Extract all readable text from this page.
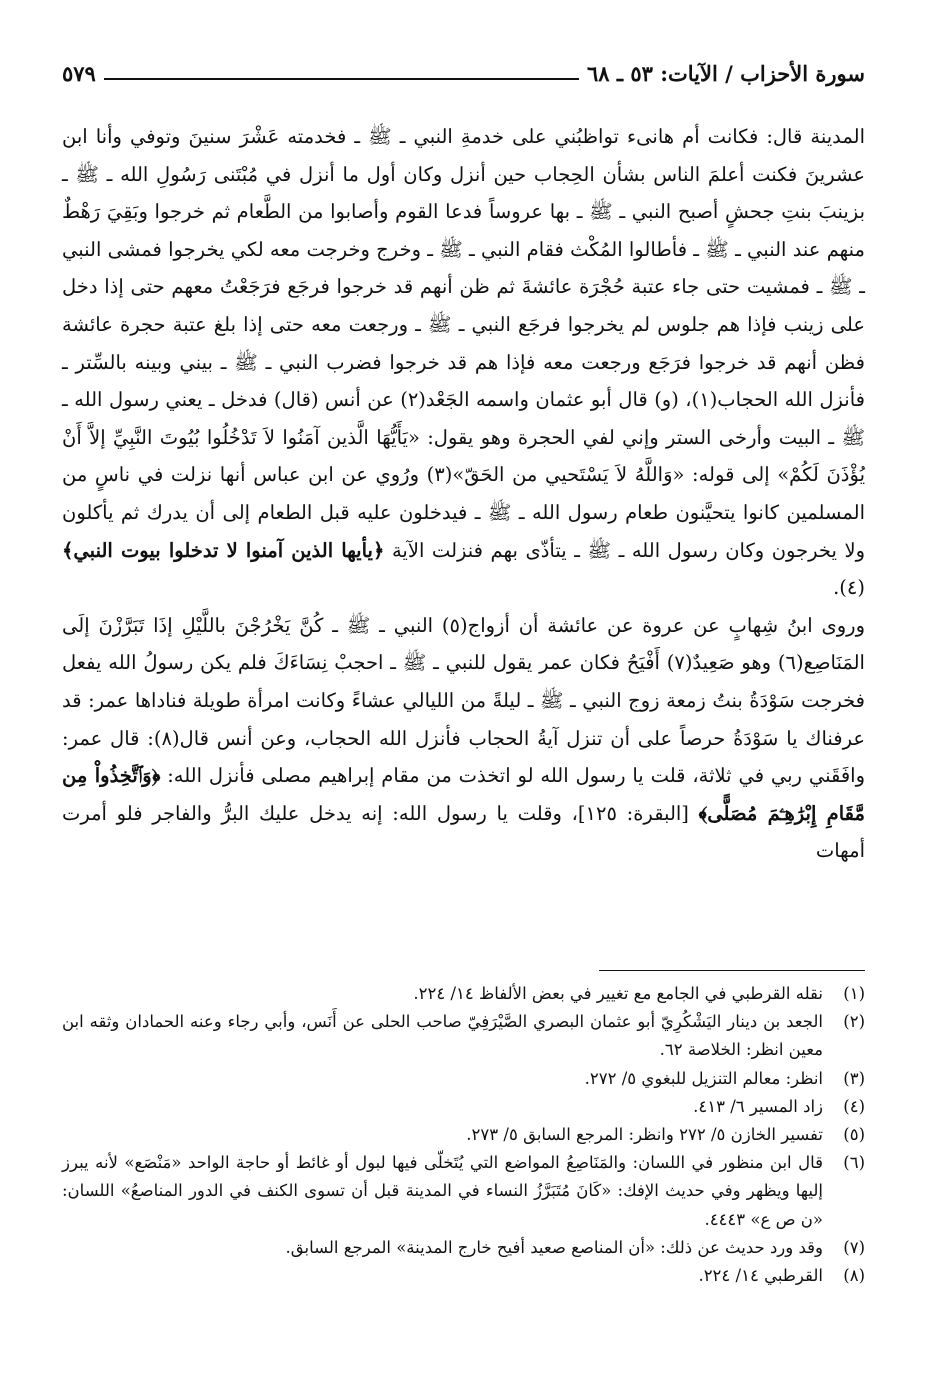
سورة الأحزاب / الآيات: ٥٣ ـ ٦٨
٥٧٩

المدينة قال: فكانت أم هانىء تواظبُني على خدمةِ النبي ـ ﷺ ـ فخدمته عَشْرَ سنينَ وتوفي وأنا ابن عشرينَ فكنت أعلمَ الناس بشأن الحِجاب حين أنزل وكان أول ما أنزل في مُبْتَنى رَسُولِ الله ـ ﷺ ـ بزينبَ بنتِ جحشٍ أصبح النبي ـ ﷺ ـ بها عروساً فدعا القوم وأصابوا من الطَّعام ثم خرجوا وبَقِيَ رَهْطٌ منهم عند النبي ـ ﷺ ـ فأطالوا المُكْث فقام النبي ـ ﷺ ـ وخرج وخرجت معه لكي يخرجوا فمشى النبي ـ ﷺ ـ فمشيت حتى جاء عتبة حُجْرَة عائشةَ ثم ظن أنهم قد خرجوا فرجَع فرَجَعْتُ معهم حتى إذا دخل على زينب فإذا هم جلوس لم يخرجوا فرجَع النبي ـ ﷺ ـ ورجعت معه حتى إذا بلغ عتبة حجرة عائشة فظن أنهم قد خرجوا فرَجَع ورجعت معه فإذا هم قد خرجوا فضرب النبي ـ ﷺ ـ بيني وبينه بالسِّتر ـ فأنزل الله الحجاب(١)، (و) قال أبو عثمان واسمه الجَعْد(٢) عن أنس (قال) فدخل ـ يعني رسول الله ـ ﷺ ـ البيت وأرخى الستر وإني لفي الحجرة وهو يقول: «يَأَيُّهَا الَّذين آمَنُوا لاَ تَدْخُلُوا بُيُوتَ النَّبِيِّ إلاَّ أَنْ يُؤْذَنَ لَكُمْ» إلى قوله: «وَاللَّهُ لاَ يَسْتَحيي من الحَقّ»(٣) ورُوي عن ابن عباس أنها نزلت في ناسٍ من المسلمين كانوا يتحيَّنون طعام رسول الله ـ ﷺ ـ فيدخلون عليه قبل الطعام إلى أن يدرك ثم يأكلون ولا يخرجون وكان رسول الله ـ ﷺ ـ يتأذّى بهم فنزلت الآية ﴿يأيها الذين آمنوا لا تدخلوا بيوت النبي﴾(٤).

وروى ابنُ شِهابٍ عن عروة عن عائشة أن أزواج(٥) النبي ـ ﷺ ـ كُنَّ يَخْرُجْنَ باللَّيْلِ إذَا تَبَرَّزْنَ إلَى المَنَاصِع(٦) وهو صَعِيدٌ(٧) أَفْيَحُ فكان عمر يقول للنبي ـ ﷺ ـ احجبْ نِسَاءَكَ فلم يكن رسولُ الله يفعل فخرجت سَوْدَةُ بنتُ زمعة زوج النبي ـ ﷺ ـ ليلةً من الليالي عشاءً وكانت امرأة طويلة فناداها عمر: قد عرفناك يا سَوْدَةُ حرصاً على أن تنزل آيةُ الحجاب فأنزل الله الحجاب، وعن أنس قال(٨): قال عمر: وافَقَني ربي في ثلاثة، قلت يا رسول الله لو اتخذت من مقام إبراهيم مصلى فأنزل الله: ﴿وَٱتَّخِذُواْ مِن مَّقَامِ إِبْرَٰهِـۧمَ مُصَلًّى﴾ [البقرة: ١٢٥]، وقلت يا رسول الله: إنه يدخل عليك البرُّ والفاجر فلو أمرت أمهات

(١)
نقله القرطبي في الجامع مع تغيير في بعض الألفاظ ١٤/ ٢٢٤.
(٢)
الجعد بن دينار اليَشْكُرِيّ أبو عثمان البصري الصَّيْرَفِيّ صاحب الحلى عن أَنَس، وأبي رجاء وعنه الحمادان وثقه ابن معين انظر: الخلاصة ٦٢.
(٣)
انظر: معالم التنزيل للبغوي ٥/ ٢٧٢.
(٤)
زاد المسير ٦/ ٤١٣.
(٥)
تفسير الخازن ٥/ ٢٧٢ وانظر: المرجع السابق ٥/ ٢٧٣.
(٦)
قال ابن منظور في اللسان: والمَنَاصِعُ المواضع التي يُتَخلّى فيها لبول أو غائط أو حاجة الواحد «مَنْصَع» لأنه يبرز إليها ويظهر وفي حديث الإفك: «كَانَ مُتَبَرَّزُ النساء في المدينة قبل أن تسوى الكنف في الدور المناصعُ» اللسان: «ن ص ع» ٤٤٤٣.
(٧)
وقد ورد حديث عن ذلك: «أن المناصع صعيد أفيح خارج المدينة» المرجع السابق.
(٨)
القرطبي ١٤/ ٢٢٤.
